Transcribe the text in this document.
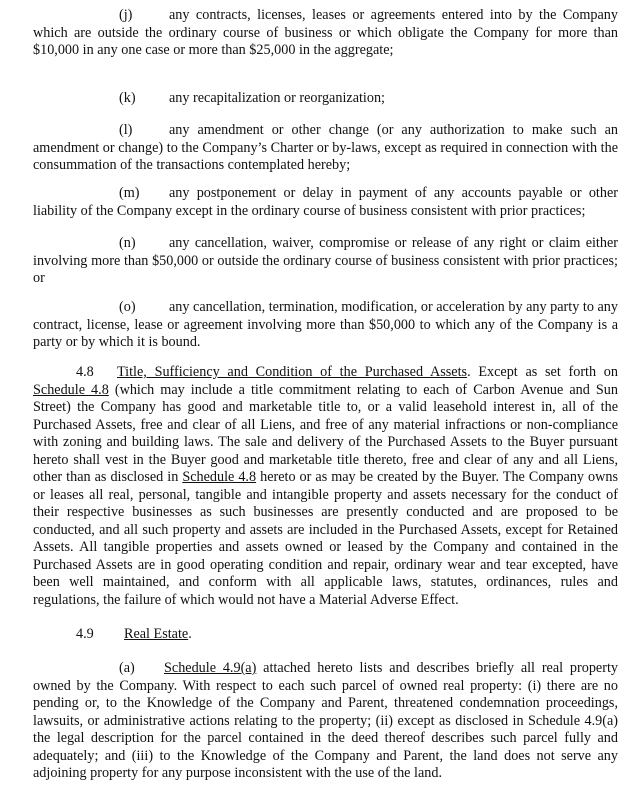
(j)	any contracts, licenses, leases or agreements entered into by the Company which are outside the ordinary course of business or which obligate the Company for more than $10,000 in any one case or more than $25,000 in the aggregate;

(k) any recapitalization or reorganization;

(l)	any amendment or other change (or any authorization to make such an amendment or change) to the Company’s Charter or by-laws, except as required in connection with the consummation of the transactions contemplated hereby;

(m) any postponement or delay in payment of any accounts payable or other liability of the Company except in the ordinary course of business consistent with prior practices;

(n) any cancellation, waiver, compromise or release of any right or claim either involving more than $50,000 or outside the ordinary course of business consistent with prior practices; or

(o) any cancellation, termination, modification, or acceleration by any party to any contract, license, lease or agreement involving more than $50,000 to which any of the Company is a party or by which it is bound.

4.8 Title, Sufficiency and Condition of the Purchased Assets. Except as set forth on Schedule 4.8 (which may include a title commitment relating to each of Carbon Avenue and Sun Street) the Company has good and marketable title to, or a valid leasehold interest in, all of the Purchased Assets, free and clear of all Liens, and free of any material infractions or non-compliance with zoning and building laws. The sale and delivery of the Purchased Assets to the Buyer pursuant hereto shall vest in the Buyer good and marketable title thereto, free and clear of any and all Liens, other than as disclosed in Schedule 4.8 hereto or as may be created by the Buyer. The Company owns or leases all real, personal, tangible and intangible property and assets necessary for the conduct of their respective businesses as such businesses are presently conducted and are proposed to be conducted, and all such property and assets are included in the Purchased Assets, except for Retained Assets. All tangible properties and assets owned or leased by the Company and contained in the Purchased Assets are in good operating condition and repair, ordinary wear and tear excepted, have been well maintained, and conform with all applicable laws, statutes, ordinances, rules and regulations, the failure of which would not have a Material Adverse Effect.

4.9 Real Estate.

(a) Schedule 4.9(a) attached hereto lists and describes briefly all real property owned by the Company. With respect to each such parcel of owned real property: (i) there are no pending or, to the Knowledge of the Company and Parent, threatened condemnation proceedings, lawsuits, or administrative actions relating to the property; (ii) except as disclosed in Schedule 4.9(a) the legal description for the parcel contained in the deed thereof describes such parcel fully and adequately; and (iii) to the Knowledge of the Company and Parent, the land does not serve any adjoining property for any purpose inconsistent with the use of the land.
